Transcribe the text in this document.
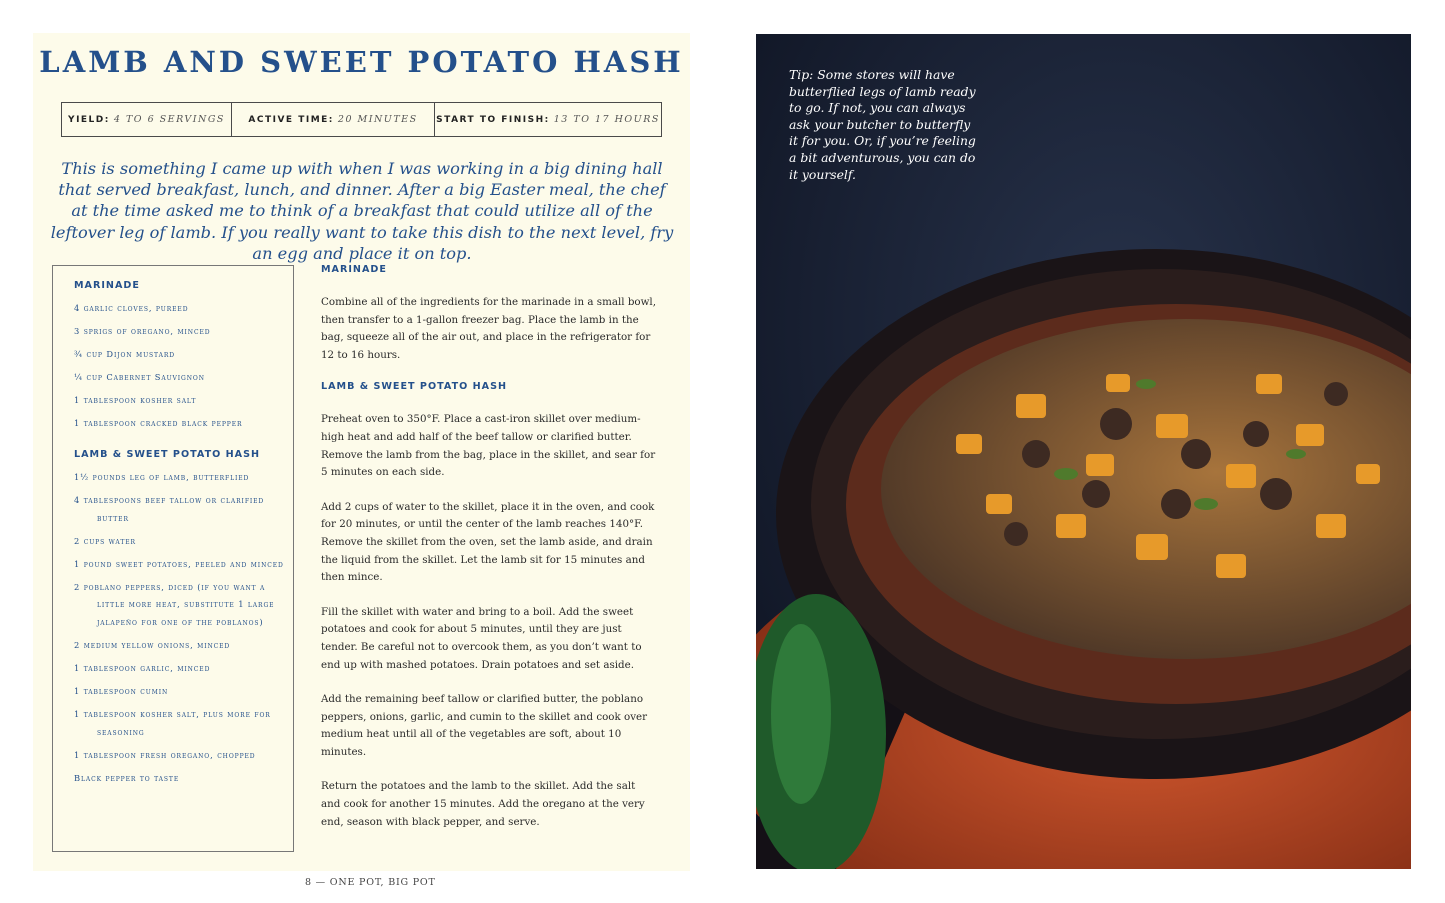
LAMB AND SWEET POTATO HASH
YIELD: 4 TO 6 SERVINGS	ACTIVE TIME: 20 MINUTES START TO FINISH: 13 TO 17 HOURS

This is something I came up with when I was working in a big dining hall that served breakfast, lunch, and dinner. After a big Easter meal, the chef at the time asked me to think of a breakfast that could utilize all of the leftover leg of lamb. If you really want to take this dish to the next level, fry an egg and place it on top.

MARINADE
4 garlic cloves, pureed
3 sprigs of oregano, minced
¾ cup Dijon mustard
¼ cup Cabernet Sauvignon
1 tablespoon kosher salt
1 tablespoon cracked black pepper
LAMB & SWEET POTATO HASH
1½ pounds leg of lamb, butterflied
4 tablespoons beef tallow or clarified butter
2 cups water
1 pound sweet potatoes, peeled and minced
2 poblano peppers, diced (if you want a little more heat, substitute 1 large jalapeño for one of the poblanos)
2 medium yellow onions, minced
1 tablespoon garlic, minced
1 tablespoon cumin
1 tablespoon kosher salt, plus more for seasoning
1 tablespoon fresh oregano, chopped
Black pepper to taste
MARINADE

Combine all of the ingredients for the marinade in a small bowl, then transfer to a 1-gallon freezer bag. Place the lamb in the bag, squeeze all of the air out, and place in the refrigerator for 12 to 16 hours.

LAMB & SWEET POTATO HASH

Preheat oven to 350°F. Place a cast-iron skillet over medium-high heat and add half of the beef tallow or clarified butter. Remove the lamb from the bag, place in the skillet, and sear for 5 minutes on each side.

Add 2 cups of water to the skillet, place it in the oven, and cook for 20 minutes, or until the center of the lamb reaches 140°F. Remove the skillet from the oven, set the lamb aside, and drain the liquid from the skillet. Let the lamb sit for 15 minutes and then mince.

Fill the skillet with water and bring to a boil. Add the sweet potatoes and cook for about 5 minutes, until they are just tender. Be careful not to overcook them, as you don’t want to end up with mashed potatoes. Drain potatoes and set aside.

Add the remaining beef tallow or clarified butter, the poblano peppers, onions, garlic, and cumin to the skillet and cook over medium heat until all of the vegetables are soft, about 10 minutes.

Return the potatoes and the lamb to the skillet. Add the salt and cook for another 15 minutes. Add the oregano at the very end, season with black pepper, and serve.

8 — ONE POT, BIG POT

Tip: Some stores will have butterflied legs of lamb ready to go. If not, you can always ask your butcher to butterfly it for you. Or, if you’re feeling a bit adventurous, you can do it yourself.
